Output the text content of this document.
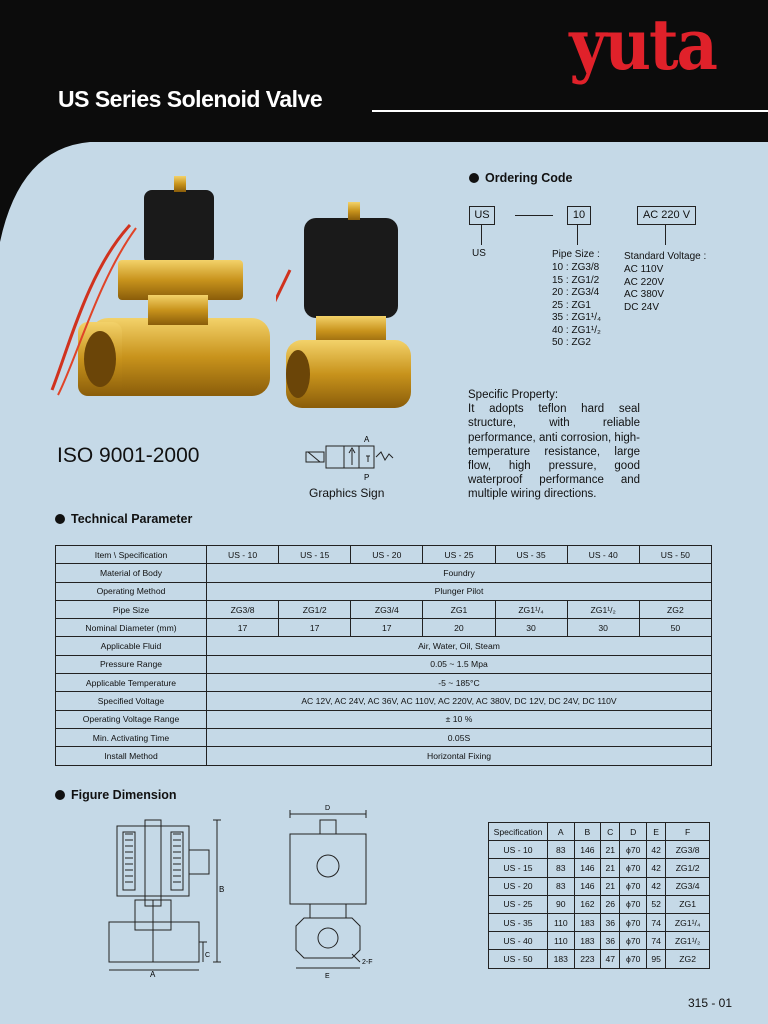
yuta
US Series Solenoid Valve
Ordering Code
US	10	AC 220 V
US	Pipe Size :
10 : ZG3/8
15 : ZG1/2
20 : ZG3/4
25 : ZG1
35 : ZG1¹/₄
40 : ZG1¹/₂
50 : ZG2
Standard Voltage :
AC 110V
AC 220V
AC 380V
DC 24V
Specific Property:
It adopts teflon hard seal structure, with reliable performance, anti corrosion, high-temperature resistance, large flow, high pressure, good waterproof performance and multiple wiring directions.
ISO 9001-2000
A
P
Graphics Sign
Technical Parameter
Item \ Specification	US - 10	US - 15	US - 20	US - 25	US - 35	US - 40	US - 50
Material of Body	Foundry						
Operating Method	Plunger Pilot						
Pipe Size	ZG3/8	ZG1/2	ZG3/4	ZG1	ZG1¹/₄	ZG1¹/₂	ZG2
Nominal Diameter (mm)	17	17	17	20	30	30	50
Applicable Fluid	Air, Water, Oil, Steam						
Pressure Range	0.05 ~ 1.5 Mpa						
Applicable Temperature	-5 ~ 185°C						
Specified Voltage	AC 12V, AC 24V, AC 36V, AC 110V, AC 220V, AC 380V, DC 12V, DC 24V, DC 110V						
Operating Voltage Range	± 10 %						
Min. Activating Time	0.05S						
Install Method	Horizontal Fixing						
Figure Dimension
B
C
A
D
E
2-F
Specification	A	B	C	D	E	F
US - 10	83	146	21	ϕ70	42	ZG3/8
US - 15	83	146	21	ϕ70	42	ZG1/2
US - 20	83	146	21	ϕ70	42	ZG3/4
US - 25	90	162	26	ϕ70	52	ZG1
US - 35	110	183	36	ϕ70	74	ZG1¹/₄
US - 40	110	183	36	ϕ70	74	ZG1¹/₂
US - 50	183	223	47	ϕ70	95	ZG2
315 - 01
